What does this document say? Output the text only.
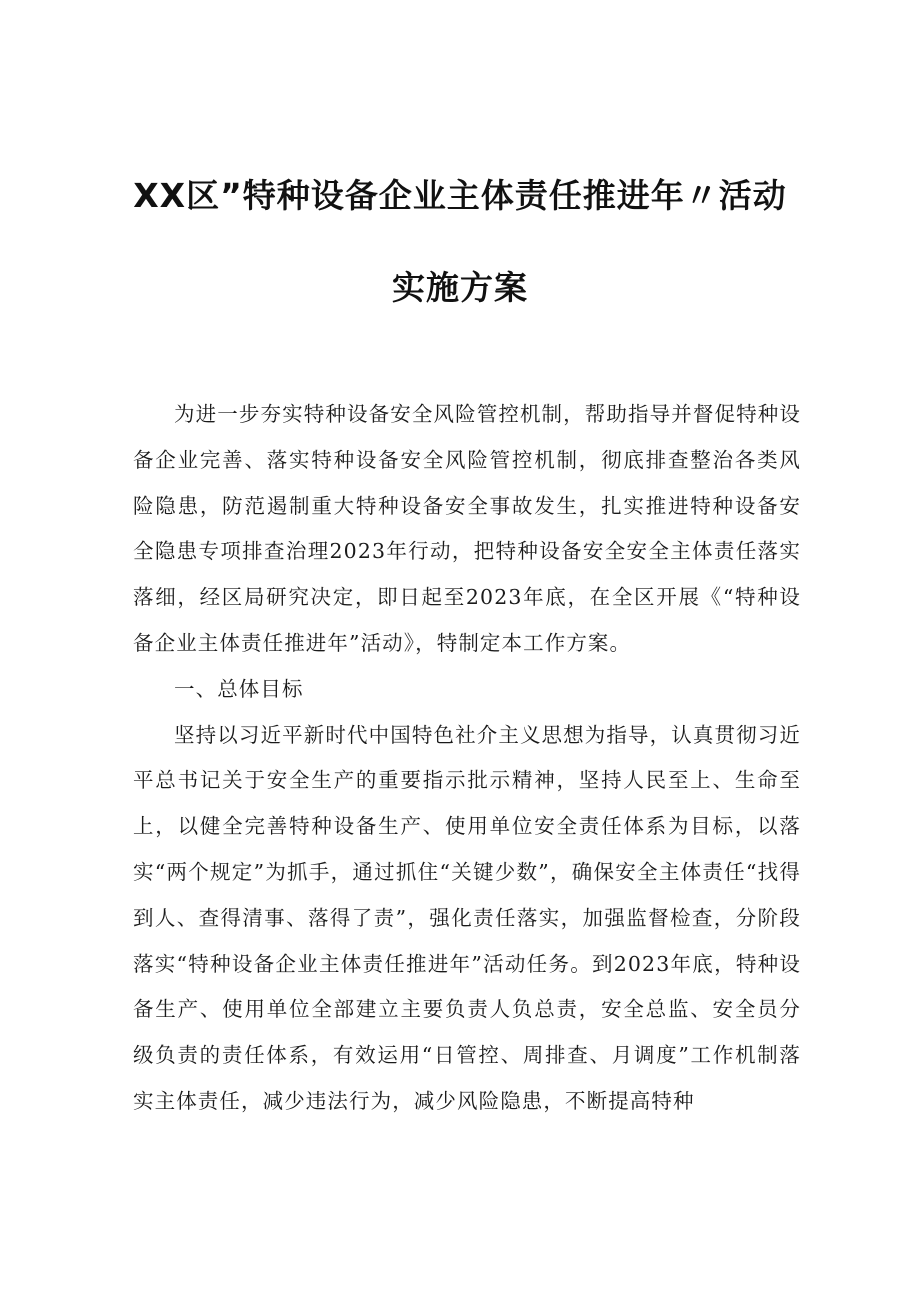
XX区”特种设备企业主体责任推进年〃活动
实施方案

为进一步夯实特种设备安全风险管控机制，帮助指导并督促特种设备企业完善、落实特种设备安全风险管控机制，彻底排查整治各类风险隐患，防范遏制重大特种设备安全事故发生，扎实推进特种设备安全隐患专项排查治理2023年行动，把特种设备安全安全主体责任落实落细，经区局研究决定，即日起至2023年底，在全区开展《“特种设备企业主体责任推进年”活动》，特制定本工作方案。

一、总体目标

坚持以习近平新时代中国特色社介主义思想为指导，认真贯彻习近平总书记关于安全生产的重要指示批示精神，坚持人民至上、生命至上，以健全完善特种设备生产、使用单位安全责任体系为目标，以落实“两个规定”为抓手，通过抓住“关键少数”，确保安全主体责任“找得到人、查得清事、落得了责”，强化责任落实，加强监督检查，分阶段落实“特种设备企业主体责任推进年”活动任务。到2023年底，特种设备生产、使用单位全部建立主要负责人负总责，安全总监、安全员分级负责的责任体系，有效运用“日管控、周排查、月调度”工作机制落实主体责任，减少违法行为，减少风险隐患，不断提高特种
